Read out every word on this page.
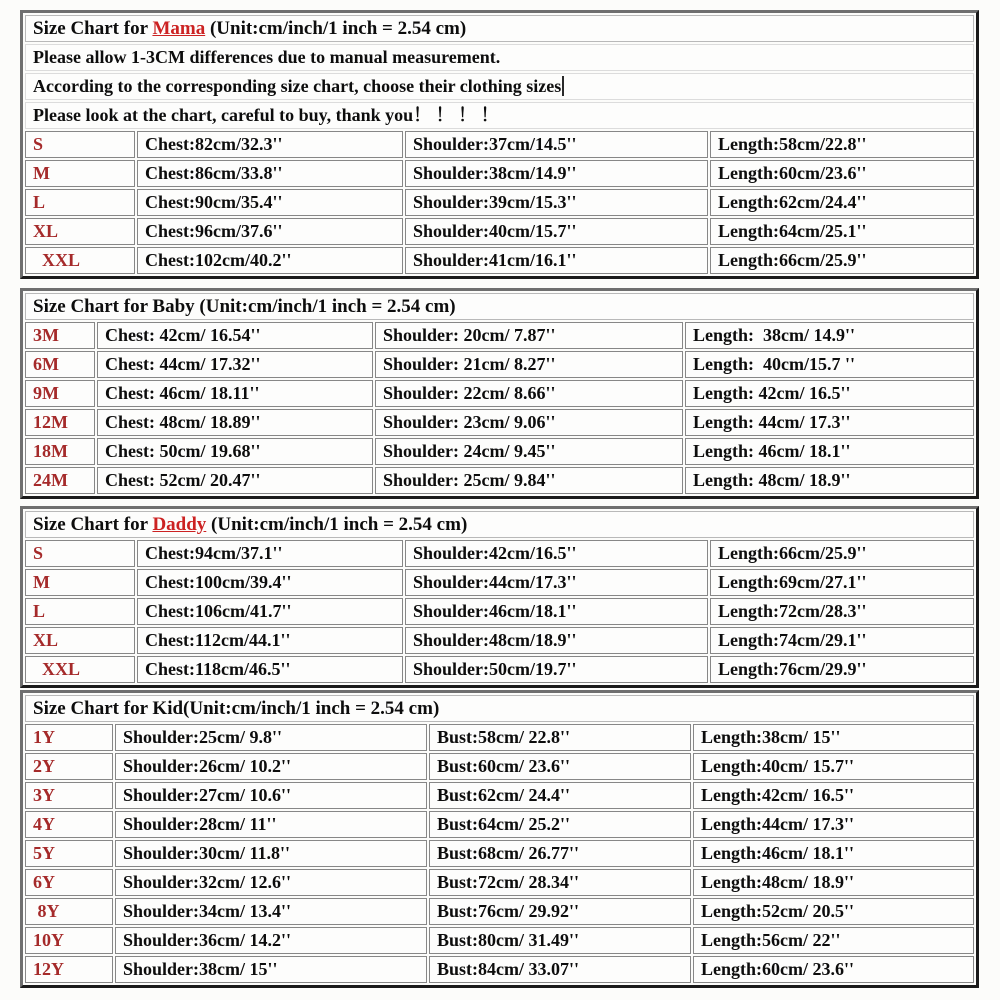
Size Chart for Mama (Unit:cm/inch/1 inch = 2.54 cm)			
Please allow 1-3CM differences due to manual measurement.			
According to the corresponding size chart, choose their clothing sizes			
Please look at the chart, careful to buy, thank you！ ！ ！ ！			
S	Chest:82cm/32.3''	Shoulder:37cm/14.5''	Length:58cm/22.8''
M	Chest:86cm/33.8''	Shoulder:38cm/14.9''	Length:60cm/23.6''
L	Chest:90cm/35.4''	Shoulder:39cm/15.3''	Length:62cm/24.4''
XL	Chest:96cm/37.6''	Shoulder:40cm/15.7''	Length:64cm/25.1''
XXL	Chest:102cm/40.2''	Shoulder:41cm/16.1''	Length:66cm/25.9''
Size Chart for Baby (Unit:cm/inch/1 inch = 2.54 cm)			
3M	Chest: 42cm/ 16.54''	Shoulder: 20cm/ 7.87''	Length:  38cm/ 14.9''
6M	Chest: 44cm/ 17.32''	Shoulder: 21cm/ 8.27''	Length:  40cm/15.7 ''
9M	Chest: 46cm/ 18.11''	Shoulder: 22cm/ 8.66''	Length: 42cm/ 16.5''
12M	Chest: 48cm/ 18.89''	Shoulder: 23cm/ 9.06''	Length: 44cm/ 17.3''
18M	Chest: 50cm/ 19.68''	Shoulder: 24cm/ 9.45''	Length: 46cm/ 18.1''
24M	Chest: 52cm/ 20.47''	Shoulder: 25cm/ 9.84''	Length: 48cm/ 18.9''
Size Chart for Daddy (Unit:cm/inch/1 inch = 2.54 cm)			
S	Chest:94cm/37.1''	Shoulder:42cm/16.5''	Length:66cm/25.9''
M	Chest:100cm/39.4''	Shoulder:44cm/17.3''	Length:69cm/27.1''
L	Chest:106cm/41.7''	Shoulder:46cm/18.1''	Length:72cm/28.3''
XL	Chest:112cm/44.1''	Shoulder:48cm/18.9''	Length:74cm/29.1''
XXL	Chest:118cm/46.5''	Shoulder:50cm/19.7''	Length:76cm/29.9''
Size Chart for Kid(Unit:cm/inch/1 inch = 2.54 cm)			
1Y	Shoulder:25cm/ 9.8''	Bust:58cm/ 22.8''	Length:38cm/ 15''
2Y	Shoulder:26cm/ 10.2''	Bust:60cm/ 23.6''	Length:40cm/ 15.7''
3Y	Shoulder:27cm/ 10.6''	Bust:62cm/ 24.4''	Length:42cm/ 16.5''
4Y	Shoulder:28cm/ 11''	Bust:64cm/ 25.2''	Length:44cm/ 17.3''
5Y	Shoulder:30cm/ 11.8''	Bust:68cm/ 26.77''	Length:46cm/ 18.1''
6Y	Shoulder:32cm/ 12.6''	Bust:72cm/ 28.34''	Length:48cm/ 18.9''
8Y	Shoulder:34cm/ 13.4''	Bust:76cm/ 29.92''	Length:52cm/ 20.5''
10Y	Shoulder:36cm/ 14.2''	Bust:80cm/ 31.49''	Length:56cm/ 22''
12Y	Shoulder:38cm/ 15''	Bust:84cm/ 33.07''	Length:60cm/ 23.6''
